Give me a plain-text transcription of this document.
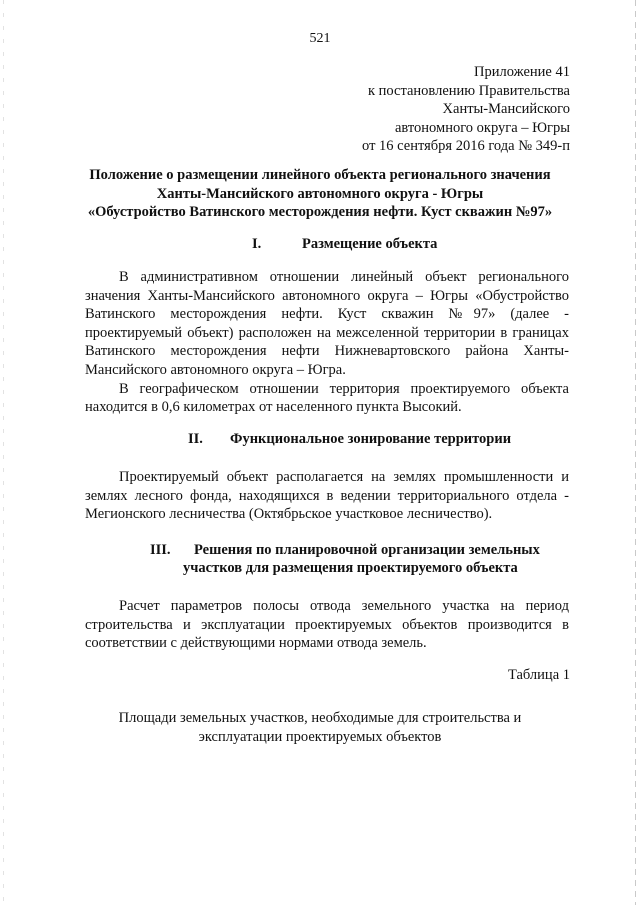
521
Приложение 41
к постановлению Правительства
Ханты-Мансийского
автономного округа – Югры
от 16 сентября 2016 года № 349-п
Положение о размещении линейного объекта регионального значения
Ханты-Мансийского автономного округа - Югры
«Обустройство Ватинского месторождения нефти. Куст скважин №97»
I.	Размещение объекта

В административном отношении линейный объект регионального значения Ханты-Мансийского автономного округа – Югры «Обустройство Ватинского месторождения нефти. Куст скважин №97» (далее - проектируемый объект) расположен на межселенной территории в границах Ватинского месторождения нефти Нижневартовского района Ханты-Мансийского автономного округа – Югра.

В географическом отношении территория проектируемого объекта находится в 0,6 километрах от населенного пункта Высокий.

II. Функциональное зонирование территории

Проектируемый объект располагается на землях промышленности и землях лесного фонда, находящихся в ведении территориального отдела - Мегионского лесничества (Октябрьское участковое лесничество).

III. Решения по планировочной организации земельных
участков для размещения проектируемого объекта

Расчет параметров полосы отвода земельного участка на период строительства и эксплуатации проектируемых объектов производится в соответствии с действующими нормами отвода земель.

Таблица 1
Площади земельных участков, необходимые для строительства и
эксплуатации проектируемых объектов
